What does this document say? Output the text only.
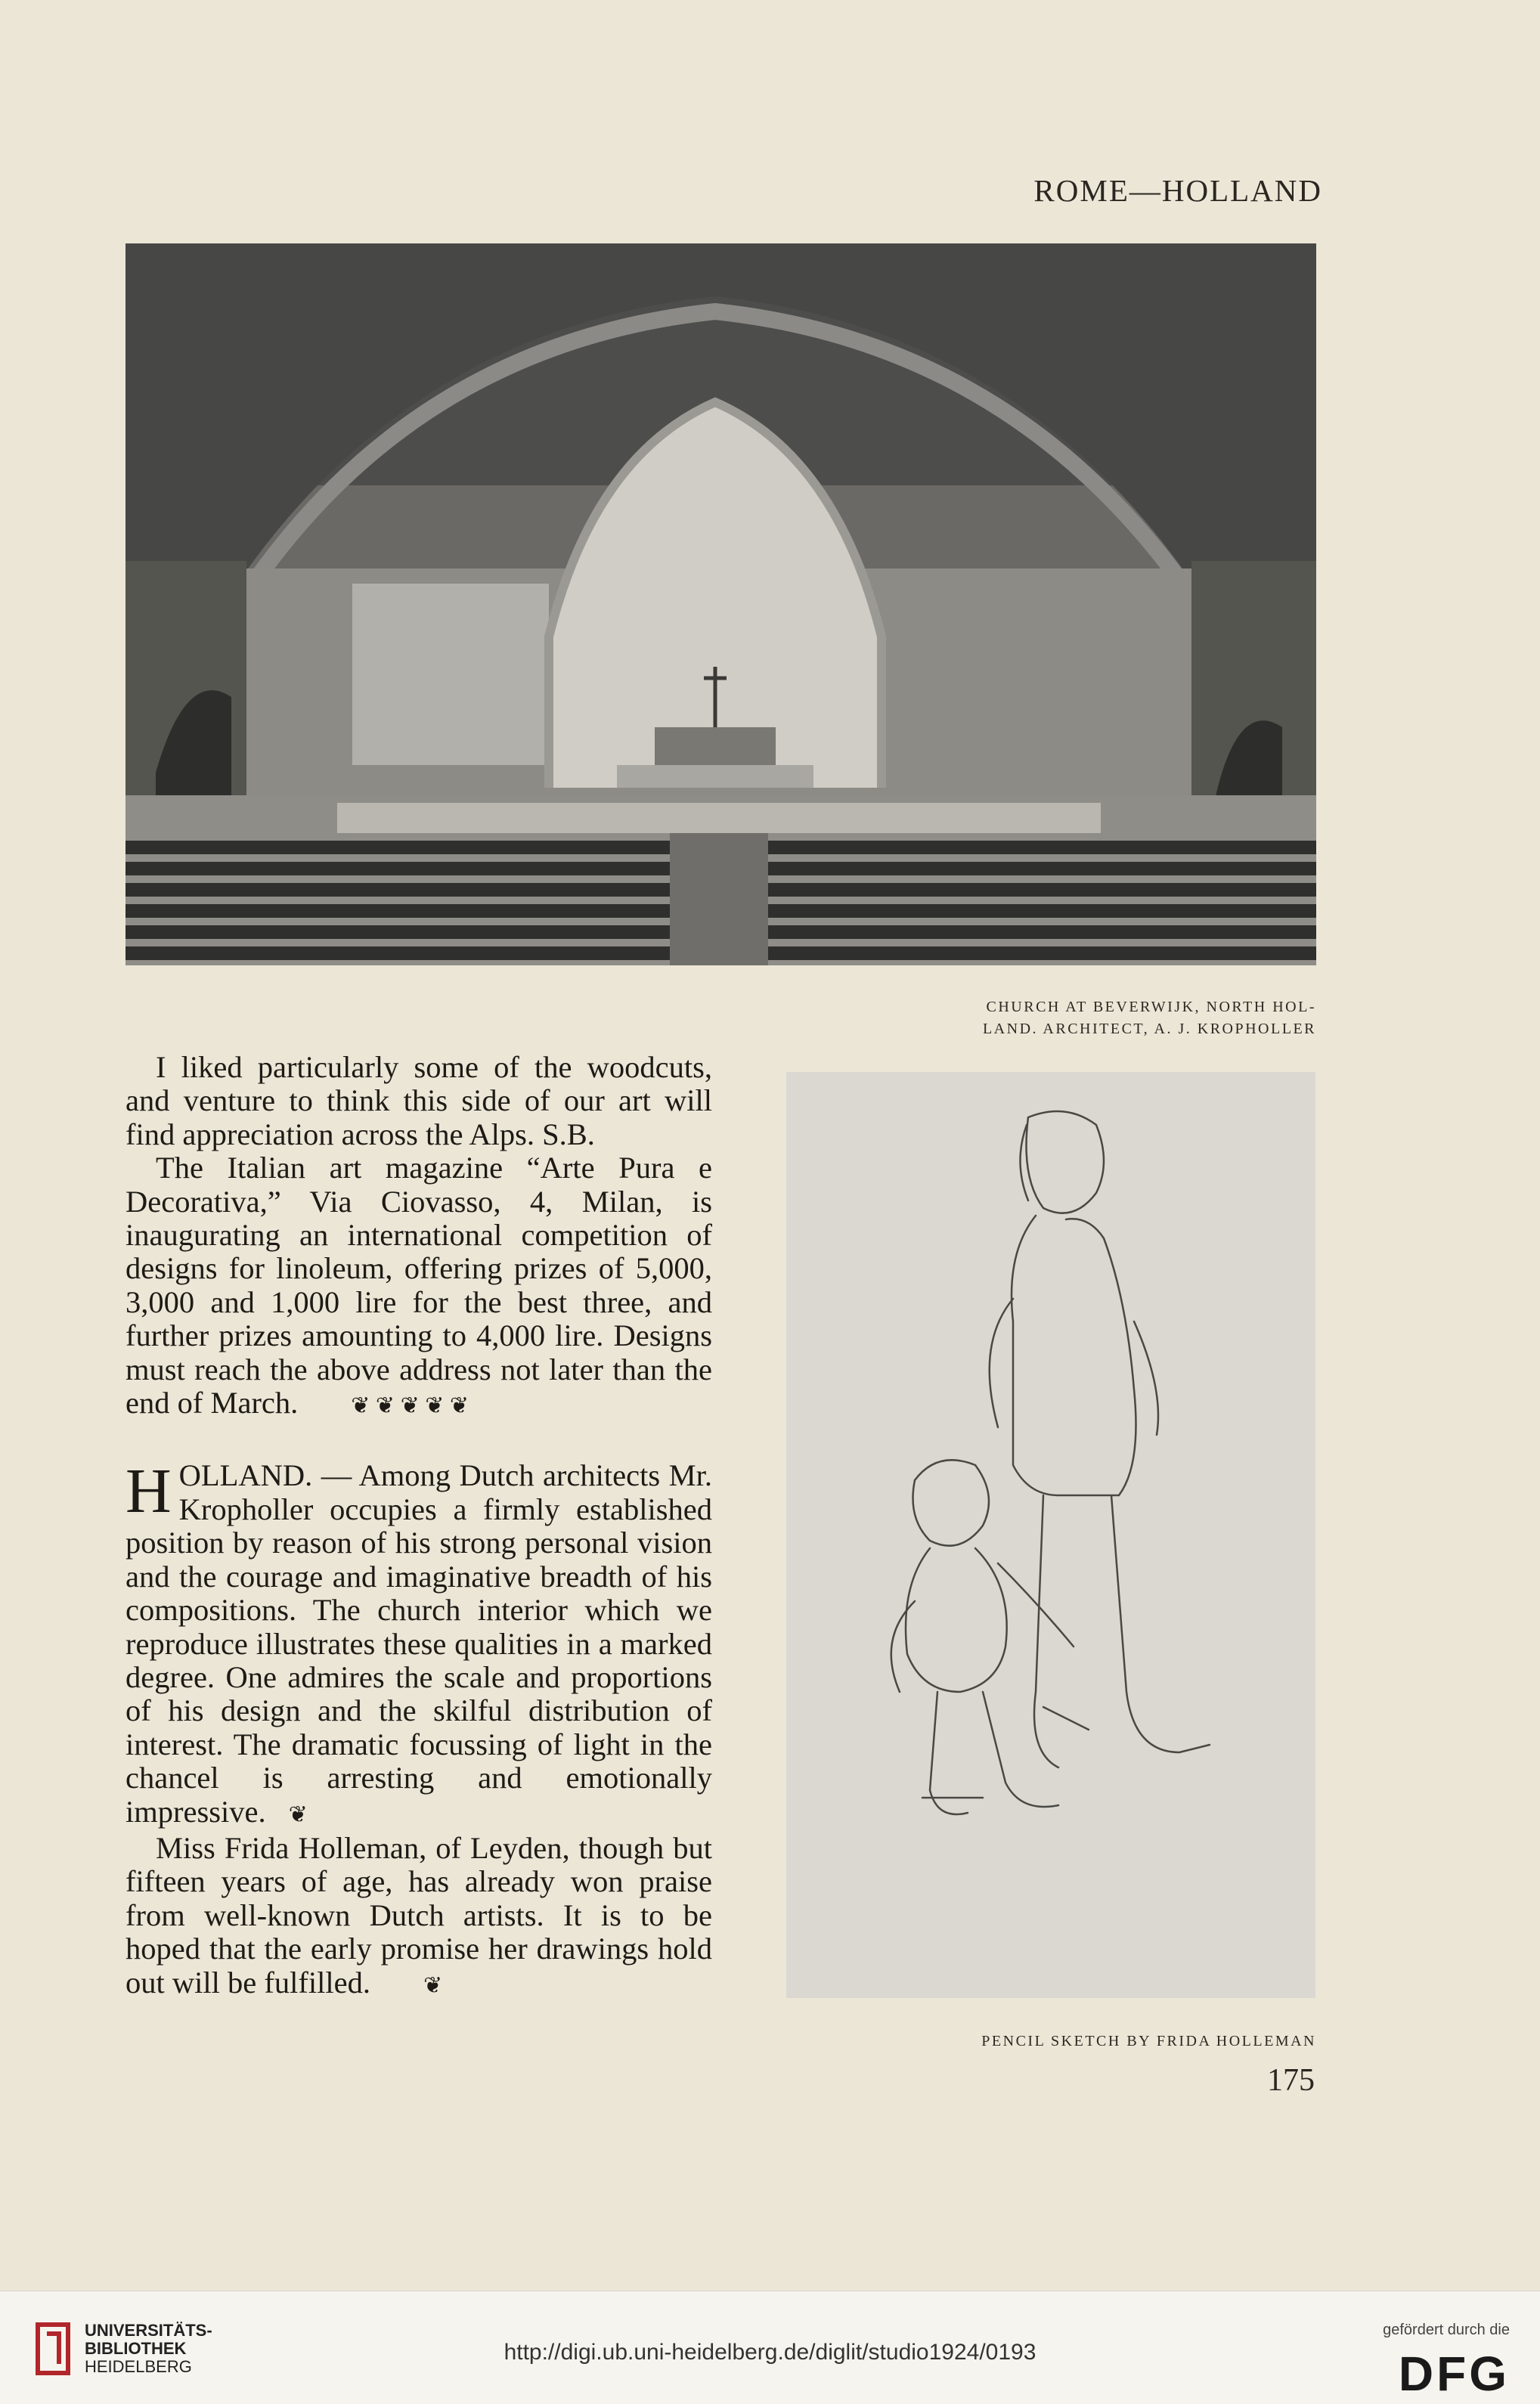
ROME—HOLLAND
CHURCH AT BEVERWIJK, NORTH HOL-
LAND. ARCHITECT, A. J. KROPHOLLER

I liked particularly some of the woodcuts, and venture to think this side of our art will find appreciation across the Alps. S.B.

The Italian art magazine “Arte Pura e Decorativa,” Via Ciovasso, 4, Milan, is inaugurating an international competition of designs for linoleum, offering prizes of 5,000, 3,000 and 1,000 lire for the best three, and further prizes amounting to 4,000 lire. Designs must reach the above address not later than the end of March. ❦ ❦ ❦ ❦ ❦

HOLLAND. — Among Dutch architects Mr. Kropholler occupies a firmly established position by reason of his strong personal vision and the courage and imaginative breadth of his compositions. The church interior which we reproduce illustrates these qualities in a marked degree. One admires the scale and proportions of his design and the skilful distribution of interest. The dramatic focussing of light in the chancel is arresting and emotionally impressive. ❦

Miss Frida Holleman, of Leyden, though but fifteen years of age, has already won praise from well-known Dutch artists. It is to be hoped that the early promise her drawings hold out will be fulfilled. ❦

PENCIL SKETCH BY FRIDA HOLLEMAN
175
UNIVERSITÄTS-
BIBLIOTHEK
HEIDELBERG
http://digi.ub.uni-heidelberg.de/diglit/studio1924/0193
gefördert durch die
DFG
